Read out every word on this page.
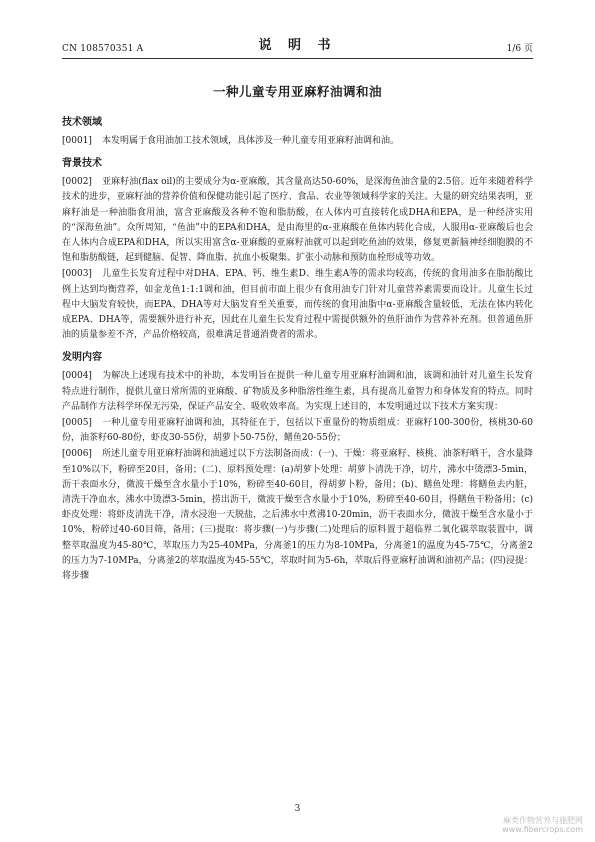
CN 108570351 A	说 明 书	1/6 页
一种儿童专用亚麻籽油调和油
技术领域

[0001] 本发明属于食用油加工技术领域，具体涉及一种儿童专用亚麻籽油调和油。

背景技术

[0002] 亚麻籽油(flax oil)的主要成分为α-亚麻酸，其含量高达50-60%，是深海鱼油含量的2.5倍。近年来随着科学技术的进步，亚麻籽油的营养价值和保健功能引起了医疗、食品、农业等领域科学家的关注。大量的研究结果表明，亚麻籽油是一种油脂食用油，富含亚麻酸及各种不饱和脂肪酸，在人体内可直接转化成DHA和EPA，是一种经济实用的“深海鱼油”。众所周知，“鱼油”中的EPA和DHA，是由海里的α-亚麻酸在鱼体内转化合成，人服用α-亚麻酸后也会在人体内合成EPA和DHA，所以实用富含α-亚麻酸的亚麻籽油就可以起到吃鱼油的效果，修复更新脑神经细胞膜的不饱和脂肪酸链，起到健脑、促智、降血脂、抗血小板聚集、扩张小动脉和预防血栓形成等功效。

[0003] 儿童生长发育过程中对DHA、EPA、钙、维生素D、维生素A等的需求均较高，传统的食用油多在脂肪酸比例上达到均衡营养，如金龙鱼1:1:1调和油，但目前市面上很少有食用油专门针对儿童营养素需要而设计。儿童生长过程中大脑发育较快，而EPA、DHA等对大脑发育至关重要，而传统的食用油脂中α-亚麻酸含量较低，无法在体内转化成EPA、DHA等，需要额外进行补充，因此在儿童生长发育过程中需提供额外的鱼肝油作为营养补充剂。但普通鱼肝油的质量参差不齐，产品价格较高，很难满足普通消费者的需求。

发明内容

[0004] 为解决上述现有技术中的补助，本发明旨在提供一种儿童专用亚麻籽油调和油，该调和油针对儿童生长发育特点进行制作，提供儿童日常所需的亚麻酸、矿物质及多种脂溶性维生素，具有提高儿童智力和身体发育的特点。同时产品制作方法科学环保无污染，保证产品安全、吸收效率高。为实现上述目的，本发明通过以下技术方案实现：

[0005] 一种儿童专用亚麻籽油调和油，其特征在于，包括以下重量份的物质组成：亚麻籽100-300份，核桃30-60份，油茶籽60-80份，虾皮30-55份，胡萝卜50-75份，鳝鱼20-55份；

[0006] 所述儿童专用亚麻籽油调和油通过以下方法制备而成：(一)、干燥：将亚麻籽、核桃、油茶籽晒干，含水量降至10%以下，粉碎至20目，备用；(二)、原料预处理：(a)胡萝卜处理：胡萝卜清洗干净，切片，沸水中烫漂3-5min，沥干表面水分，微波干燥至含水量小于10%，粉碎至40-60目，得胡萝卜粉，备用；(b)、鳝鱼处理：将鳝鱼去内脏，清洗干净血水，沸水中烫漂3-5min，捞出沥干，微波干燥至含水量小于10%，粉碎至40-60目，得鳝鱼干粉备用；(c)虾皮处理：将虾皮清洗干净，清水浸泡一天脱盐，之后沸水中煮沸10-20min，沥干表面水分，微波干燥至含水量小于10%，粉碎过40-60目筛，备用；(三)提取：将步骤(一)与步骤(二)处理后的原料置于超临界二氧化碳萃取装置中，调整萃取温度为45-80℃，萃取压力为25-40MPa，分离釜1的压力为8-10MPa，分离釜1的温度为45-75℃，分离釜2的压力为7-10MPa，分离釜2的萃取温度为45-55℃，萃取时间为5-6h，萃取后得亚麻籽油调和油初产品；(四)浸提：将步骤

3
麻类作物营养与施肥网
www.fibercrops.com
